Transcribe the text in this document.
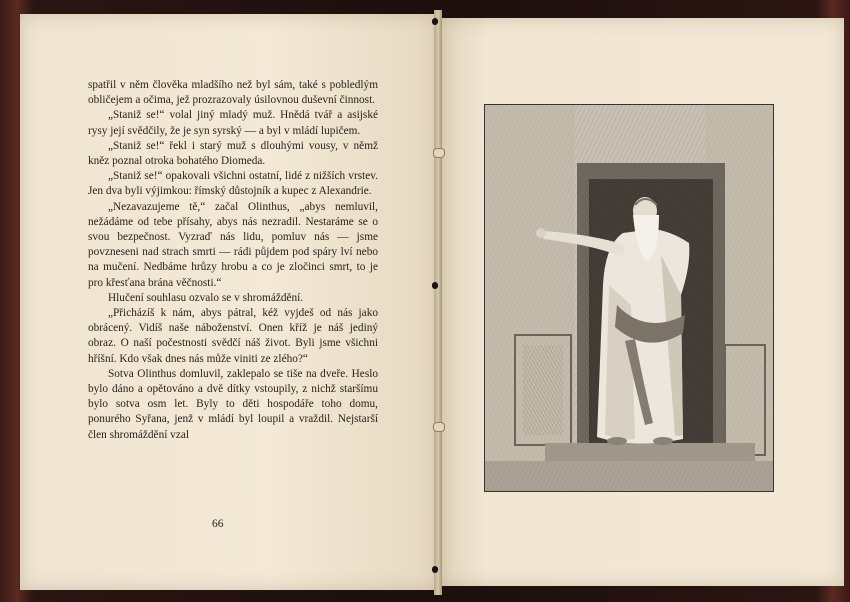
spatřil v něm člověka mladšího než byl sám, také s pobledlým obličejem a očima, jež prozrazovaly úsilovnou duševní činnost.

„Staniž se!“ volal jiný mladý muž. Hnědá tvář a asijské rysy její svědčily, že je syn syrský — a byl v mládí lupičem.

„Staniž se!“ řekl i starý muž s dlouhými vousy, v němž kněz poznal otroka bohatého Diomeda.

„Staniž se!“ opakovali všichni ostatní, lidé z nižších vrstev. Jen dva byli výjimkou: římský důstojník a kupec z Alexandrie.

„Nezavazujeme tě,“ začal Olinthus, „abys nemluvil, nežádáme od tebe přísahy, abys nás nezradil. Nestaráme se o svou bezpečnost. Vyzraď nás lidu, pomluv nás — jsme povzneseni nad strach smrti — rádi půjdem pod spáry lví nebo na mučení. Nedbáme hrůzy hrobu a co je zločinci smrt, to je pro křesťana brána věčnosti.“

Hlučení souhlasu ozvalo se v shromáždění.

„Přicházíš k nám, abys pátral, kéž vyjdeš od nás jako obrácený. Vidíš naše náboženství. Onen kříž je náš jediný obraz. O naší počestnosti svědčí náš život. Byli jsme všichni hříšní. Kdo však dnes nás může viniti ze zlého?“

Sotva Olinthus domluvil, zaklepalo se tiše na dveře. Heslo bylo dáno a opětováno a dvě dítky vstoupily, z nichž staršímu bylo sotva osm let. Byly to děti hospodáře toho domu, ponurého Syřana, jenž v mládí byl loupil a vraždil. Nejstarší člen shromáždění vzal

66
